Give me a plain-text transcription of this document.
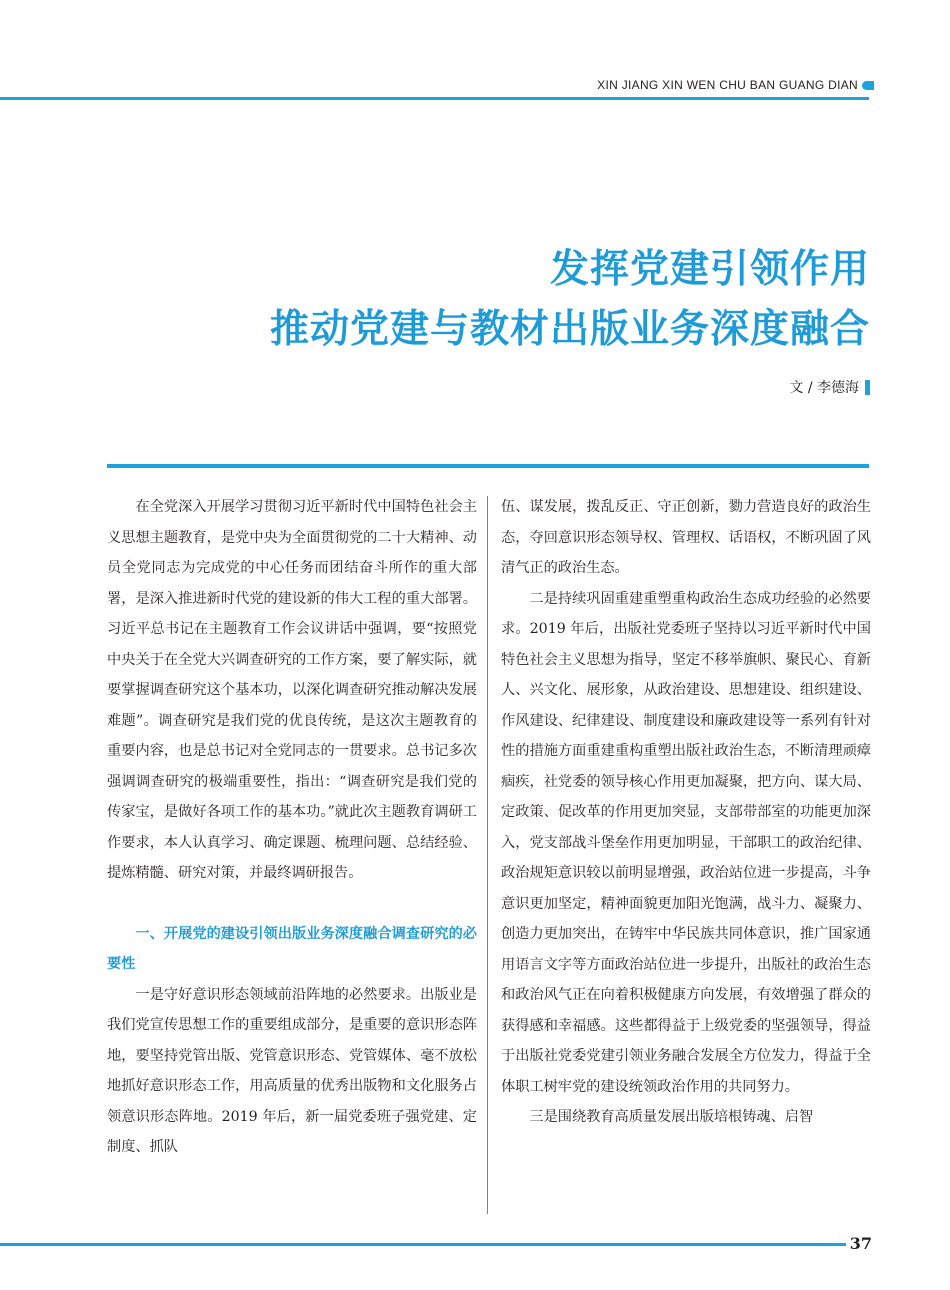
XIN JIANG XIN WEN CHU BAN GUANG DIAN
发挥党建引领作用
推动党建与教材出版业务深度融合
文 / 李德海

在全党深入开展学习贯彻习近平新时代中国特色社会主义思想主题教育，是党中央为全面贯彻党的二十大精神、动员全党同志为完成党的中心任务而团结奋斗所作的重大部署，是深入推进新时代党的建设新的伟大工程的重大部署。习近平总书记在主题教育工作会议讲话中强调，要“按照党中央关于在全党大兴调查研究的工作方案，要了解实际，就要掌握调查研究这个基本功，以深化调查研究推动解决发展难题”。调查研究是我们党的优良传统，是这次主题教育的重要内容，也是总书记对全党同志的一贯要求。总书记多次强调调查研究的极端重要性，指出：“调查研究是我们党的传家宝，是做好各项工作的基本功。”就此次主题教育调研工作要求，本人认真学习、确定课题、梳理问题、总结经验、提炼精髓、研究对策，并最终调研报告。

一、开展党的建设引领出版业务深度融合调查研究的必要性

一是守好意识形态领域前沿阵地的必然要求。出版业是我们党宣传思想工作的重要组成部分，是重要的意识形态阵地，要坚持党管出版、党管意识形态、党管媒体、毫不放松地抓好意识形态工作，用高质量的优秀出版物和文化服务占领意识形态阵地。2019 年后，新一届党委班子强党建、定制度、抓队

伍、谋发展，拨乱反正、守正创新，勠力营造良好的政治生态，夺回意识形态领导权、管理权、话语权，不断巩固了风清气正的政治生态。

二是持续巩固重建重塑重构政治生态成功经验的必然要求。2019 年后，出版社党委班子坚持以习近平新时代中国特色社会主义思想为指导，坚定不移举旗帜、聚民心、育新人、兴文化、展形象，从政治建设、思想建设、组织建设、作风建设、纪律建设、制度建设和廉政建设等一系列有针对性的措施方面重建重构重塑出版社政治生态，不断清理顽瘴痼疾，社党委的领导核心作用更加凝聚，把方向、谋大局、定政策、促改革的作用更加突显，支部带部室的功能更加深入，党支部战斗堡垒作用更加明显，干部职工的政治纪律、政治规矩意识较以前明显增强，政治站位进一步提高，斗争意识更加坚定，精神面貌更加阳光饱满，战斗力、凝聚力、创造力更加突出，在铸牢中华民族共同体意识，推广国家通用语言文字等方面政治站位进一步提升，出版社的政治生态和政治风气正在向着积极健康方向发展，有效增强了群众的获得感和幸福感。这些都得益于上级党委的坚强领导，得益于出版社党委党建引领业务融合发展全方位发力，得益于全体职工树牢党的建设统领政治作用的共同努力。

三是围绕教育高质量发展出版培根铸魂、启智

37
